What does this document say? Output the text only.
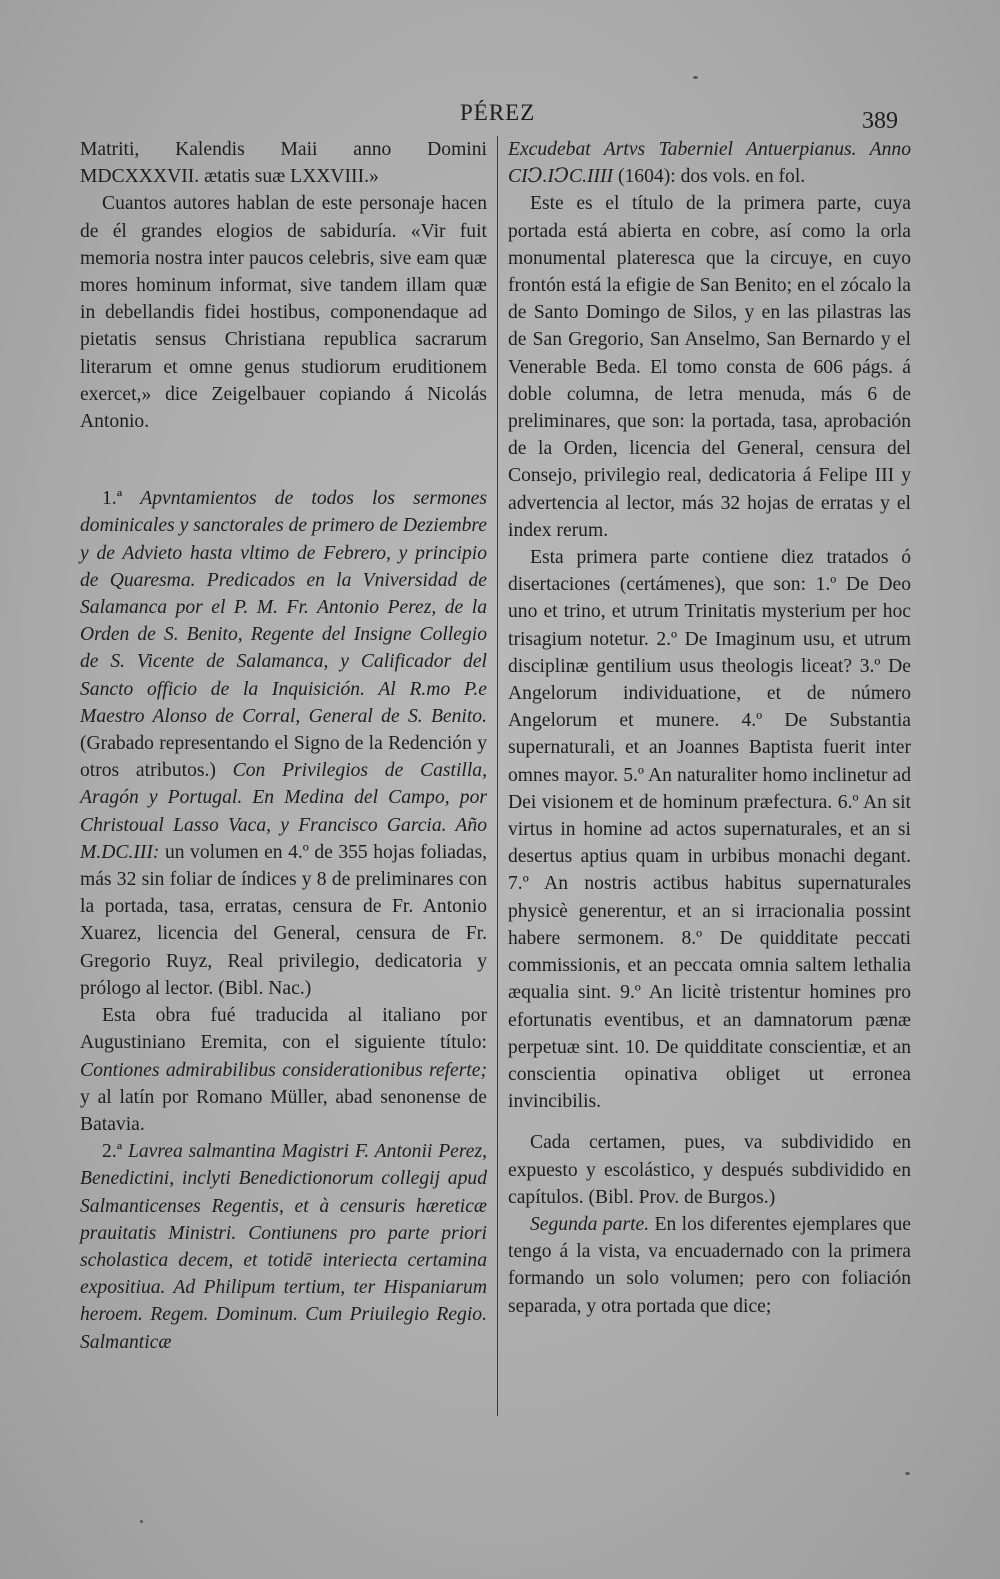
PÉREZ	389

Matriti, Kalendis Maii anno Domini MDCXXXVII. ætatis suæ LXXVIII.»

Cuantos autores hablan de este personaje hacen de él grandes elogios de sabiduría. «Vir fuit memoria nostra inter paucos celebris, sive eam quæ mores hominum informat, sive tandem illam quæ in debellandis fidei hostibus, componendaque ad pietatis sensus Christiana republica sacrarum literarum et omne genus studiorum eruditionem exercet,» dice Zeigelbauer copiando á Nicolás Antonio.

1.ª Apvntamientos de todos los sermones dominicales y sanctorales de primero de Deziembre y de Advieto hasta vltimo de Febrero, y principio de Quaresma. Predicados en la Vniversidad de Salamanca por el P. M. Fr. Antonio Perez, de la Orden de S. Benito, Regente del Insigne Collegio de S. Vicente de Salamanca, y Calificador del Sancto officio de la Inquisición. Al R.mo P.e Maestro Alonso de Corral, General de S. Benito. (Grabado representando el Signo de la Redención y otros atributos.) Con Privilegios de Castilla, Aragón y Portugal. En Medina del Campo, por Christoual Lasso Vaca, y Francisco Garcia. Año M.DC.III: un volumen en 4.º de 355 hojas foliadas, más 32 sin foliar de índices y 8 de preliminares con la portada, tasa, erratas, censura de Fr. Antonio Xuarez, licencia del General, censura de Fr. Gregorio Ruyz, Real privilegio, dedicatoria y prólogo al lector. (Bibl. Nac.)

Esta obra fué traducida al italiano por Augustiniano Eremita, con el siguiente título: Contiones admirabilibus considerationibus referte; y al latín por Romano Müller, abad senonense de Batavia.

2.ª Lavrea salmantina Magistri F. Antonii Perez, Benedictini, inclyti Benedictionorum collegij apud Salmanticenses Regentis, et à censuris hæreticæ prauitatis Ministri. Contiunens pro parte priori scholastica decem, et totidē interiecta certamina expositiua. Ad Philipum tertium, ter Hispaniarum heroem. Regem. Dominum. Cum Priuilegio Regio. Salmanticæ

Excudebat Artvs Taberniel Antuerpianus. Anno CIↃ.IↃC.IIII (1604): dos vols. en fol.

Este es el título de la primera parte, cuya portada está abierta en cobre, así como la orla monumental plateresca que la circuye, en cuyo frontón está la efigie de San Benito; en el zócalo la de Santo Domingo de Silos, y en las pilastras las de San Gregorio, San Anselmo, San Bernardo y el Venerable Beda. El tomo consta de 606 págs. á doble columna, de letra menuda, más 6 de preliminares, que son: la portada, tasa, aprobación de la Orden, licencia del General, censura del Consejo, privilegio real, dedicatoria á Felipe III y advertencia al lector, más 32 hojas de erratas y el index rerum.

Esta primera parte contiene diez tratados ó disertaciones (certámenes), que son: 1.º De Deo uno et trino, et utrum Trinitatis mysterium per hoc trisagium notetur. 2.º De Imaginum usu, et utrum disciplinæ gentilium usus theologis liceat? 3.º De Angelorum individuatione, et de número Angelorum et munere. 4.º De Substantia supernaturali, et an Joannes Baptista fuerit inter omnes mayor. 5.º An naturaliter homo inclinetur ad Dei visionem et de hominum præfectura. 6.º An sit virtus in homine ad actos supernaturales, et an si desertus aptius quam in urbibus monachi degant. 7.º An nostris actibus habitus supernaturales physicè generentur, et an si irracionalia possint habere sermonem. 8.º De quidditate peccati commissionis, et an peccata omnia saltem lethalia æqualia sint. 9.º An licitè tristentur homines pro efortunatis eventibus, et an damnatorum pænæ perpetuæ sint. 10. De quidditate conscientiæ, et an conscientia opinativa obliget ut erronea invincibilis.

Cada certamen, pues, va subdividido en expuesto y escolástico, y después subdividido en capítulos. (Bibl. Prov. de Burgos.)

Segunda parte. En los diferentes ejemplares que tengo á la vista, va encuadernado con la primera formando un solo volumen; pero con foliación separada, y otra portada que dice;
